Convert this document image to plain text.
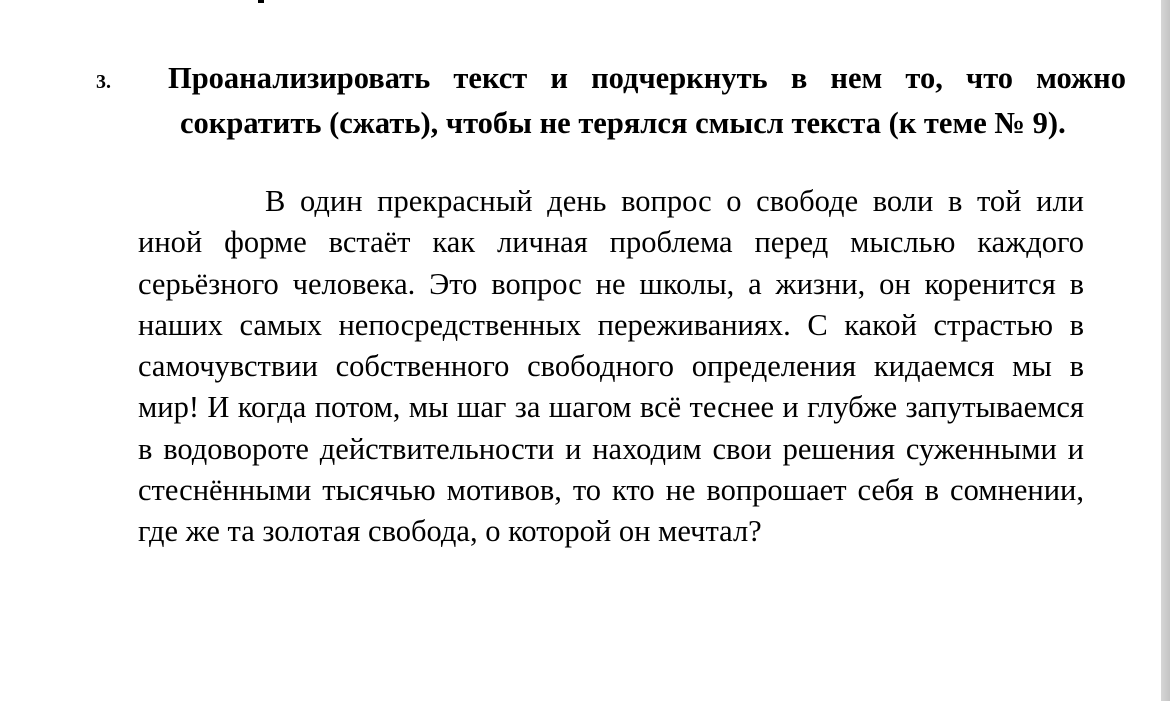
3. Проанализировать текст и подчеркнуть в нем то, что можно сократить (сжать), чтобы не терялся смысл текста (к теме № 9).

В один прекрасный день вопрос о свободе воли в той или иной форме встаёт как личная проблема перед мыслью каждого серьёзного человека. Это вопрос не школы, а жизни, он коренится в наших самых непосредственных переживаниях. С какой страстью в самочувствии собственного свободного определения кидаемся мы в мир! И когда потом, мы шаг за шагом всё теснее и глубже запутываемся в водовороте действительности и находим свои решения суженными и стеснёнными тысячью мотивов, то кто не вопрошает себя в сомнении, где же та золотая свобода, о которой он мечтал?
